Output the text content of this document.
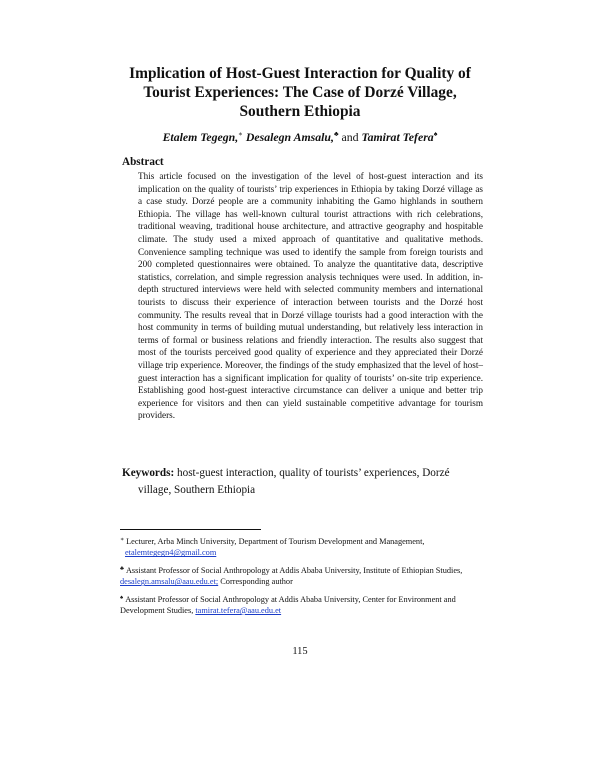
Implication of Host-Guest Interaction for Quality of
Tourist Experiences: The Case of Dorzé Village,
Southern Ethiopia
Etalem Tegegn,∗ Desalegn Amsalu,♣ and Tamirat Tefera♠
Abstract
This article focused on the investigation of the level of host-guest interaction and its implication on the quality of tourists’ trip experiences in Ethiopia by taking Dorzé village as a case study. Dorzé people are a community inhabiting the Gamo highlands in southern Ethiopia. The village has well-known cultural tourist attractions with rich celebrations, traditional weaving, traditional house architecture, and attractive geography and hospitable climate. The study used a mixed approach of quantitative and qualitative methods. Convenience sampling technique was used to identify the sample from foreign tourists and 200 completed questionnaires were obtained. To analyze the quantitative data, descriptive statistics, correlation, and simple regression analysis techniques were used. In addition, in-depth structured interviews were held with selected community members and international tourists to discuss their experience of interaction between tourists and the Dorzé host community. The results reveal that in Dorzé village tourists had a good interaction with the host community in terms of building mutual understanding, but relatively less interaction in terms of formal or business relations and friendly interaction. The results also suggest that most of the tourists perceived good quality of experience and they appreciated their Dorzé village trip experience. Moreover, the findings of the study emphasized that the level of host–guest interaction has a significant implication for quality of tourists’ on-site trip experience. Establishing good host-guest interactive circumstance can deliver a unique and better trip experience for visitors and then can yield sustainable competitive advantage for tourism providers.
Keywords: host-guest interaction, quality of tourists’ experiences, Dorzé
village, Southern Ethiopia
∗ Lecturer, Arba Minch University, Department of Tourism Development and Management,
etalemtegegn4@gmail.com
♣ Assistant Professor of Social Anthropology at Addis Ababa University, Institute of Ethiopian Studies, desalegn.amsalu@aau.edu.et; Corresponding author
♠ Assistant Professor of Social Anthropology at Addis Ababa University, Center for Environment and Development Studies, tamirat.tefera@aau.edu.et
115
